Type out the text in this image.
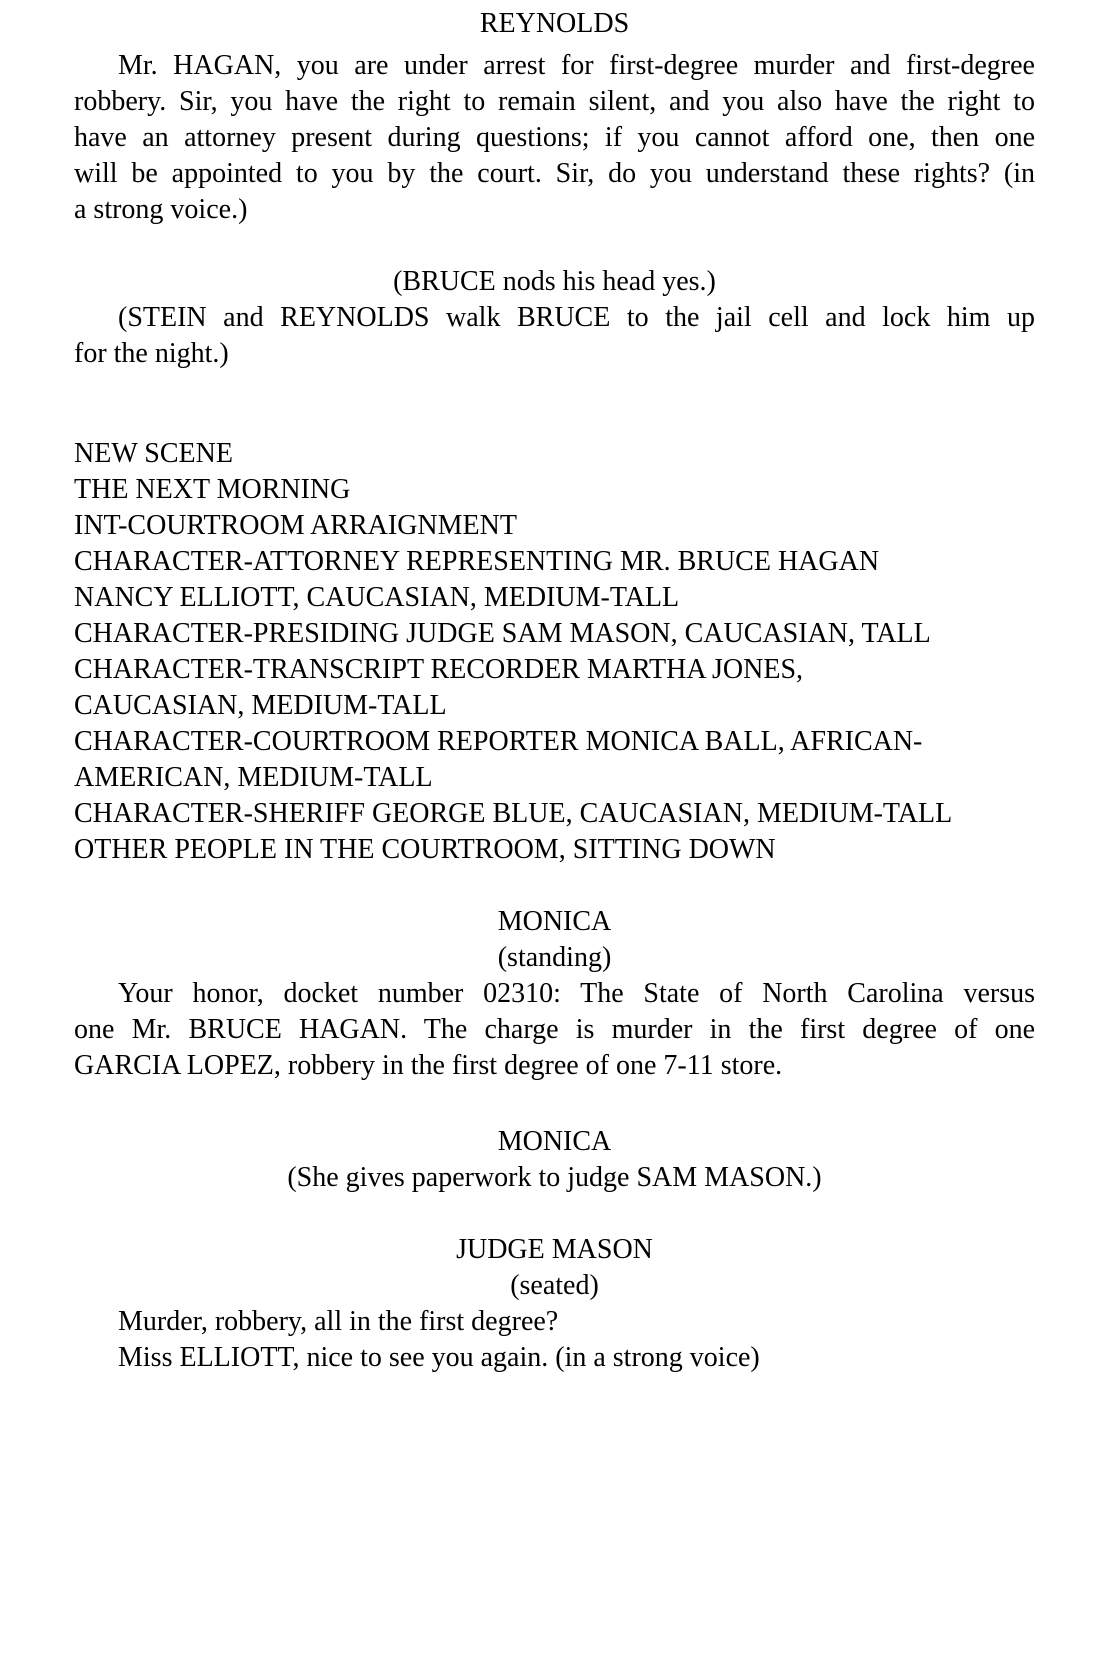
REYNOLDS
Mr. HAGAN, you are under arrest for first-degree murder and first-degree
robbery. Sir, you have the right to remain silent, and you also have the right to
have an attorney present during questions; if you cannot afford one, then one
will be appointed to you by the court. Sir, do you understand these rights? (in
a strong voice.)
(BRUCE nods his head yes.)
(STEIN and REYNOLDS walk BRUCE to the jail cell and lock him up
for the night.)
NEW SCENE
THE NEXT MORNING
INT-COURTROOM ARRAIGNMENT
CHARACTER-ATTORNEY REPRESENTING MR. BRUCE HAGAN
NANCY ELLIOTT, CAUCASIAN, MEDIUM-TALL
CHARACTER-PRESIDING JUDGE SAM MASON, CAUCASIAN, TALL
CHARACTER-TRANSCRIPT RECORDER MARTHA JONES,
CAUCASIAN, MEDIUM-TALL
CHARACTER-COURTROOM REPORTER MONICA BALL, AFRICAN-
AMERICAN, MEDIUM-TALL
CHARACTER-SHERIFF GEORGE BLUE, CAUCASIAN, MEDIUM-TALL
OTHER PEOPLE IN THE COURTROOM, SITTING DOWN
MONICA
(standing)
Your honor, docket number 02310: The State of North Carolina versus
one Mr. BRUCE HAGAN. The charge is murder in the first degree of one
GARCIA LOPEZ, robbery in the first degree of one 7-11 store.
MONICA
(She gives paperwork to judge SAM MASON.)
JUDGE MASON
(seated)
Murder, robbery, all in the first degree?
Miss ELLIOTT, nice to see you again. (in a strong voice)
